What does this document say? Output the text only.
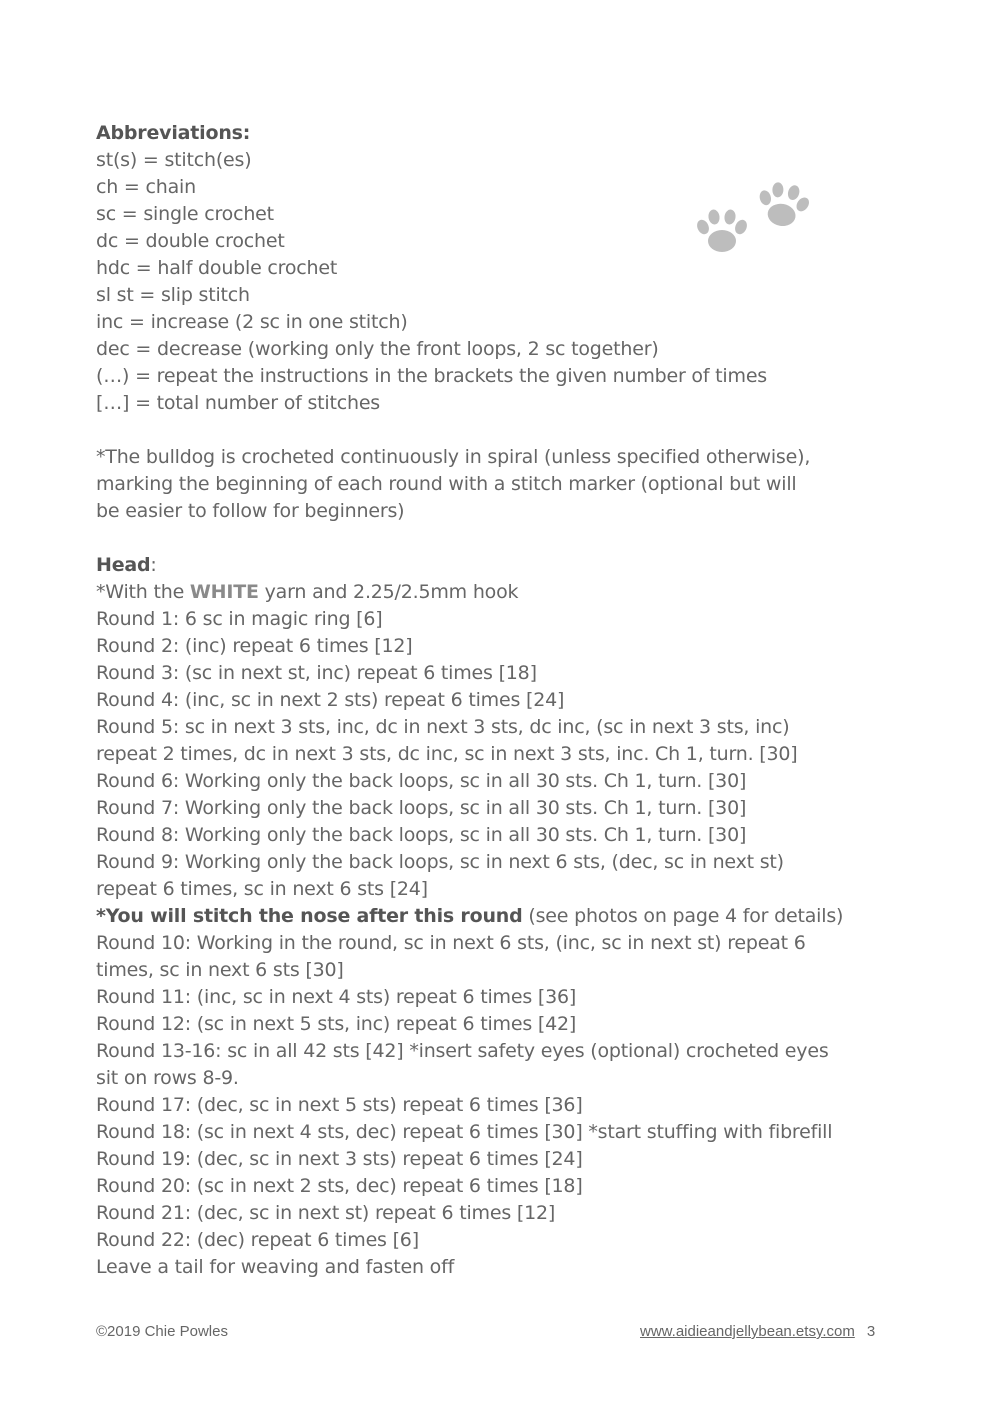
Abbreviations:
st(s) = stitch(es)
ch = chain
sc = single crochet
dc = double crochet
hdc = half double crochet
sl st = slip stitch
inc = increase (2 sc in one stitch)
dec = decrease (working only the front loops, 2 sc together)
(…) = repeat the instructions in the brackets the given number of times
[…] = total number of stitches
*The bulldog is crocheted continuously in spiral (unless specified otherwise), marking the beginning of each round with a stitch marker (optional but will be easier to follow for beginners)
Head:
*With the WHITE yarn and 2.25/2.5mm hook
Round 1: 6 sc in magic ring [6]
Round 2: (inc) repeat 6 times [12]
Round 3: (sc in next st, inc) repeat 6 times [18]
Round 4: (inc, sc in next 2 sts) repeat 6 times [24]
Round 5: sc in next 3 sts, inc, dc in next 3 sts, dc inc, (sc in next 3 sts, inc) repeat 2 times, dc in next 3 sts, dc inc, sc in next 3 sts, inc. Ch 1, turn. [30]
Round 6: Working only the back loops, sc in all 30 sts. Ch 1, turn. [30]
Round 7: Working only the back loops, sc in all 30 sts. Ch 1, turn. [30]
Round 8: Working only the back loops, sc in all 30 sts. Ch 1, turn. [30]
Round 9: Working only the back loops, sc in next 6 sts, (dec, sc in next st) repeat 6 times, sc in next 6 sts [24]
*You will stitch the nose after this round (see photos on page 4 for details)
Round 10: Working in the round, sc in next 6 sts, (inc, sc in next st) repeat 6 times, sc in next 6 sts [30]
Round 11: (inc, sc in next 4 sts) repeat 6 times [36]
Round 12: (sc in next 5 sts, inc) repeat 6 times [42]
Round 13-16: sc in all 42 sts [42] *insert safety eyes (optional) crocheted eyes sit on rows 8-9.
Round 17: (dec, sc in next 5 sts) repeat 6 times [36]
Round 18: (sc in next 4 sts, dec) repeat 6 times [30] *start stuffing with fibrefill
Round 19: (dec, sc in next 3 sts) repeat 6 times [24]
Round 20: (sc in next 2 sts, dec) repeat 6 times [18]
Round 21: (dec, sc in next st) repeat 6 times [12]
Round 22: (dec) repeat 6 times [6]
Leave a tail for weaving and fasten off
©2019 Chie Powles	www.aidieandjellybean.etsy.com 3
